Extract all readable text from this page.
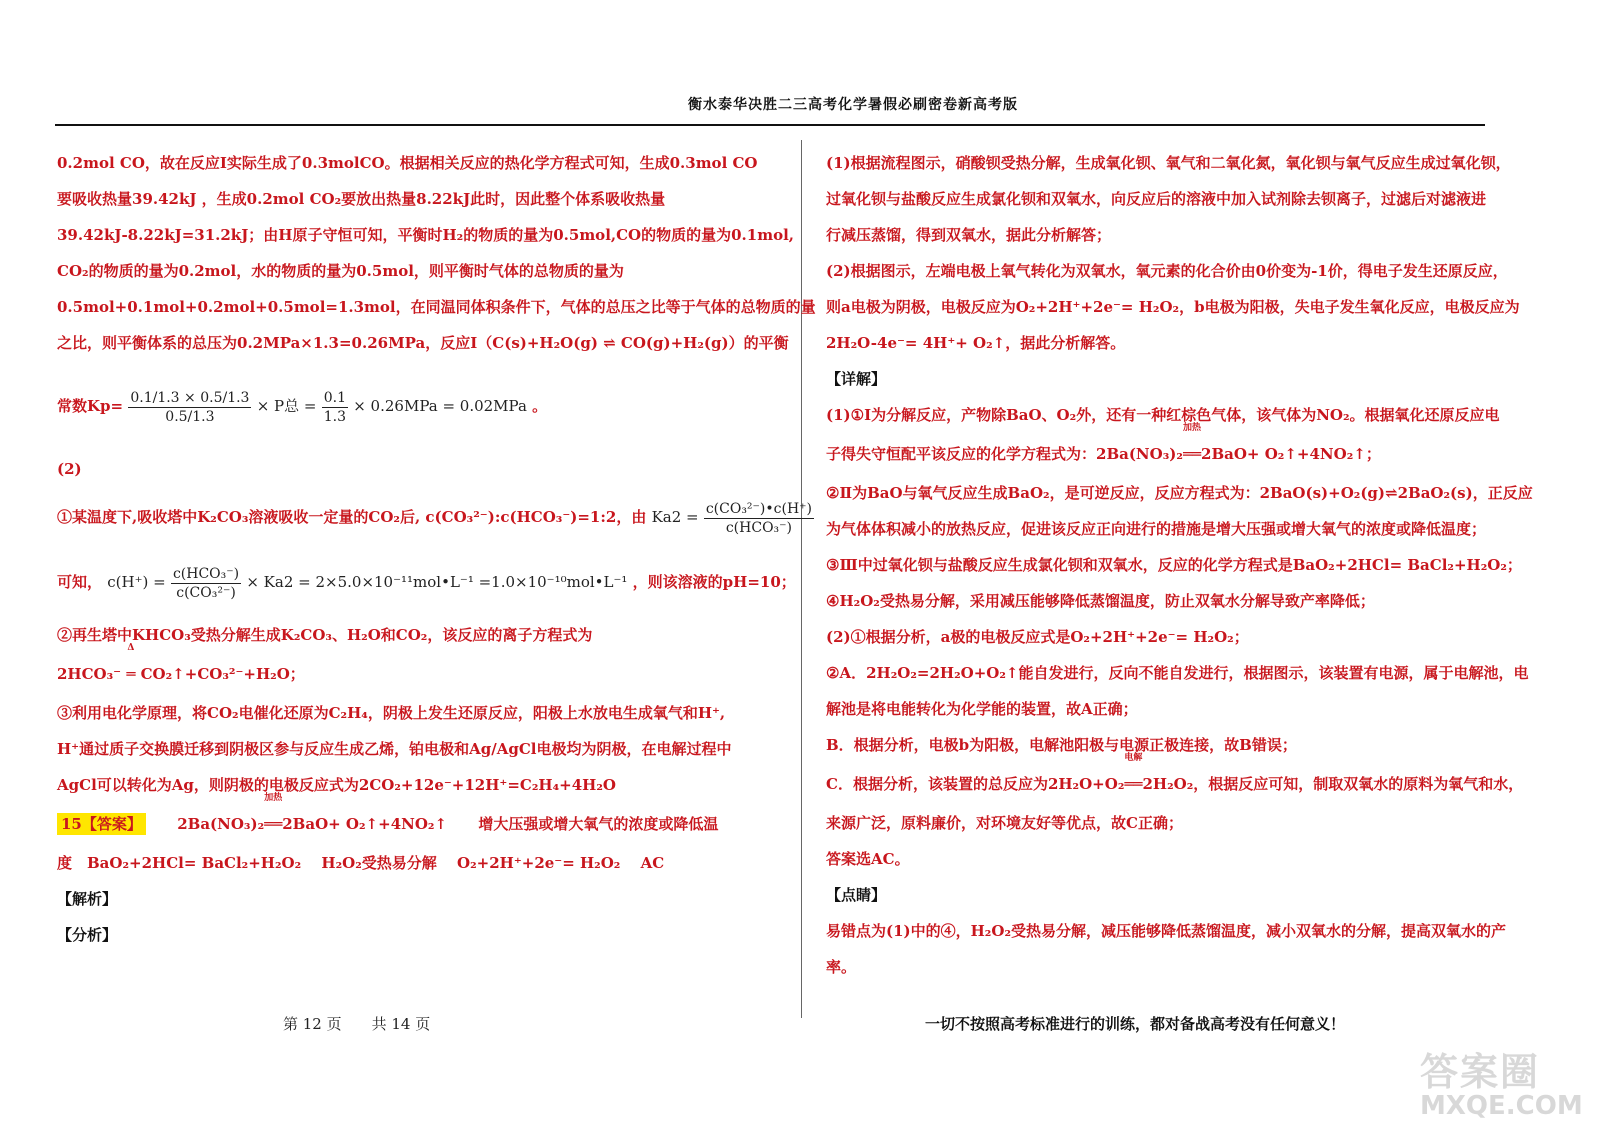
衡水泰华决胜二三高考化学暑假必刷密卷新高考版

0.2mol CO，故在反应Ⅰ实际生成了0.3molCO。根据相关反应的热化学方程式可知，生成0.3mol CO

要吸收热量39.42kJ ，生成0.2mol CO₂要放出热量8.22kJ此时，因此整个体系吸收热量

39.42kJ-8.22kJ=31.2kJ；由H原子守恒可知，平衡时H₂的物质的量为0.5mol,CO的物质的量为0.1mol,

CO₂的物质的量为0.2mol，水的物质的量为0.5mol，则平衡时气体的总物质的量为

0.5mol+0.1mol+0.2mol+0.5mol=1.3mol，在同温同体积条件下，气体的总压之比等于气体的总物质的量

之比，则平衡体系的总压为0.2MPa×1.3=0.26MPa，反应Ⅰ（C(s)+H₂O(g) ⇌ CO(g)+H₂(g)）的平衡

常数$Kp= \frac{0.1/1.3 \times 0.5/1.3}{0.5/1.3} \times P$总 = $\frac{0.1}{1.3} \times 0.26MPa = 0.02MPa$ 。

(2)

①某温度下,吸收塔中K₂CO₃溶液吸收一定量的CO₂后, c(CO₃²⁻):c(HCO₃⁻)=1:2，由 $Ka2 = \frac{\text{c(CO₃²⁻)•c(H⁺)}}{\text{c(HCO₃⁻)}}$

可知， $c(H^+) = \frac{\text{c(HCO₃⁻)}}{\text{c(CO₃²⁻)}} \times Ka2$ = 2×5.0×10⁻¹¹mol•L⁻¹ =1.0×10⁻¹⁰mol•L⁻¹ ，则该溶液的pH=10；

②再生塔中KHCO₃受热分解生成K₂CO₃、H₂O和CO₂，该反应的离子方程式为

2HCO₃⁻
Δ
═ CO₂↑+CO₃²⁻+H₂O；

③利用电化学原理，将CO₂电催化还原为C₂H₄，阴极上发生还原反应，阳极上水放电生成氧气和H⁺,

H⁺通过质子交换膜迁移到阴极区参与反应生成乙烯，铂电极和Ag/AgCl电极均为阴极，在电解过程中

AgCl可以转化为Ag，则阴极的电极反应式为2CO₂+12e⁻+12H⁺=C₂H₄+4H₂O

15【答案】 2Ba(NO₃)₂
加热
══2BaO+ O₂↑+4NO₂↑ 增大压强或增大氧气的浓度或降低温

度　BaO₂+2HCl= BaCl₂+H₂O₂　 H₂O₂受热易分解　 O₂+2H⁺+2e⁻= H₂O₂　 AC

【解析】

【分析】

(1)根据流程图示，硝酸钡受热分解，生成氧化钡、氧气和二氧化氮，氧化钡与氧气反应生成过氧化钡，

过氧化钡与盐酸反应生成氯化钡和双氧水，向反应后的溶液中加入试剂除去钡离子，过滤后对滤液进

行减压蒸馏，得到双氧水，据此分析解答；

(2)根据图示，左端电极上氧气转化为双氧水，氧元素的化合价由0价变为-1价，得电子发生还原反应，

则a电极为阴极，电极反应为O₂+2H⁺+2e⁻= H₂O₂，b电极为阳极，失电子发生氧化反应，电极反应为

2H₂O-4e⁻= 4H⁺+ O₂↑，据此分析解答。

【详解】

(1)①Ⅰ为分解反应，产物除BaO、O₂外，还有一种红棕色气体，该气体为NO₂。根据氧化还原反应电

子得失守恒配平该反应的化学方程式为：2Ba(NO₃)₂
加热
══2BaO+ O₂↑+4NO₂↑；

②Ⅱ为BaO与氧气反应生成BaO₂，是可逆反应，反应方程式为：2BaO(s)+O₂(g)⇌2BaO₂(s)，正反应

为气体体积减小的放热反应，促进该反应正向进行的措施是增大压强或增大氧气的浓度或降低温度；

③Ⅲ中过氧化钡与盐酸反应生成氯化钡和双氧水，反应的化学方程式是BaO₂+2HCl= BaCl₂+H₂O₂；

④H₂O₂受热易分解，采用减压能够降低蒸馏温度，防止双氧水分解导致产率降低；

(2)①根据分析，a极的电极反应式是O₂+2H⁺+2e⁻= H₂O₂；

②A．2H₂O₂=2H₂O+O₂↑能自发进行，反向不能自发进行，根据图示，该装置有电源，属于电解池，电

解池是将电能转化为化学能的装置，故A正确；

B．根据分析，电极b为阳极，电解池阳极与电源正极连接，故B错误；

C．根据分析，该装置的总反应为2H₂O+O₂
电解
══2H₂O₂，根据反应可知，制取双氧水的原料为氧气和水，

来源广泛，原料廉价，对环境友好等优点，故C正确；

答案选AC。

【点睛】

易错点为(1)中的④，H₂O₂受热易分解，减压能够降低蒸馏温度，减小双氧水的分解，提高双氧水的产

率。

第 12 页　　共 14 页	一切不按照高考标准进行的训练，都对备战高考没有任何意义！
答案圈
MXQE.COM
